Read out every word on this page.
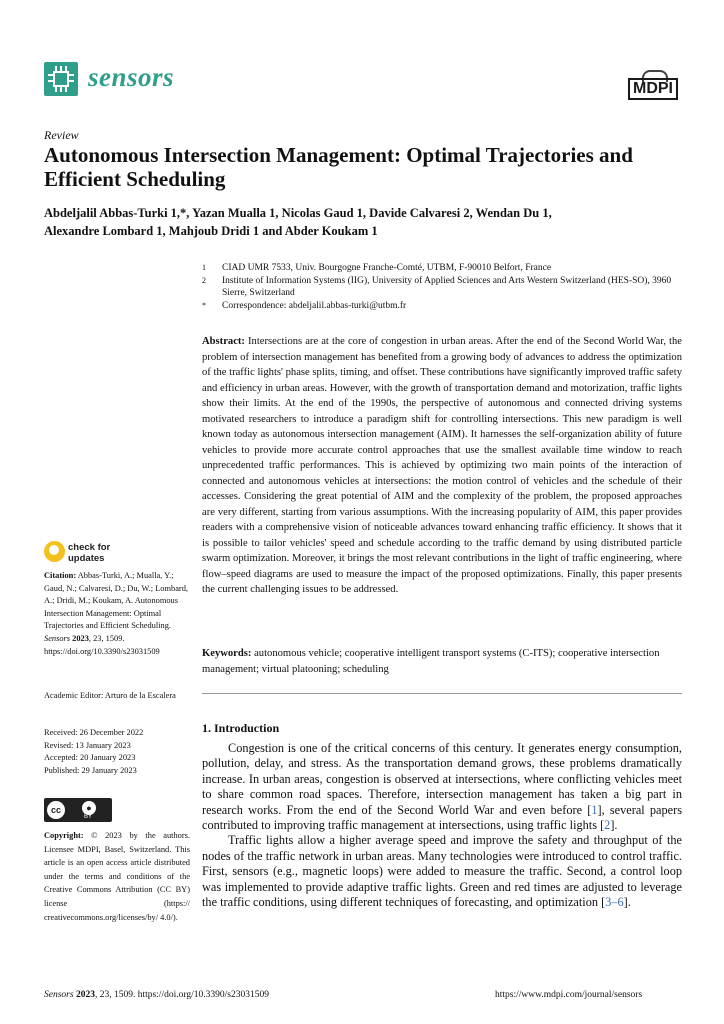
sensors	MDPI
Review
Autonomous Intersection Management: Optimal Trajectories and Efficient Scheduling
Abdeljalil Abbas-Turki 1,*, Yazan Mualla 1, Nicolas Gaud 1, Davide Calvaresi 2, Wendan Du 1,
Alexandre Lombard 1, Mahjoub Dridi 1 and Abder Koukam 1
1	CIAD UMR 7533, Univ. Bourgogne Franche-Comté, UTBM, F-90010 Belfort, France
2	Institute of Information Systems (IIG), University of Applied Sciences and Arts Western Switzerland (HES-SO), 3960 Sierre, Switzerland
*	Correspondence: abdeljalil.abbas-turki@utbm.fr
Abstract: Intersections are at the core of congestion in urban areas. After the end of the Second World War, the problem of intersection management has benefited from a growing body of advances to address the optimization of the traffic lights' phase splits, timing, and offset. These contributions have significantly improved traffic safety and efficiency in urban areas. However, with the growth of transportation demand and motorization, traffic lights show their limits. At the end of the 1990s, the perspective of autonomous and connected driving systems motivated researchers to introduce a paradigm shift for controlling intersections. This new paradigm is well known today as autonomous intersection management (AIM). It harnesses the self-organization ability of future vehicles to provide more accurate control approaches that use the smallest available time window to reach unprecedented traffic performances. This is achieved by optimizing two main points of the interaction of connected and autonomous vehicles at intersections: the motion control of vehicles and the schedule of their accesses. Considering the great potential of AIM and the complexity of the problem, the proposed approaches are very different, starting from various assumptions. With the increasing popularity of AIM, this paper provides readers with a comprehensive vision of noticeable advances toward enhancing traffic efficiency. It shows that it is possible to tailor vehicles' speed and schedule according to the traffic demand by using distributed particle swarm optimization. Moreover, it brings the most relevant contributions in the light of traffic engineering, where flow–speed diagrams are used to measure the impact of the proposed optimizations. Finally, this paper presents the current challenging issues to be addressed.
Keywords: autonomous vehicle; cooperative intelligent transport systems (C-ITS); cooperative intersection management; virtual platooning; scheduling
1. Introduction

Congestion is one of the critical concerns of this century. It generates energy consumption, pollution, delay, and stress. As the transportation demand grows, these problems dramatically increase. In urban areas, congestion is observed at intersections, where conflicting vehicles meet to share common road spaces. Therefore, intersection management has taken a big part in research works. From the end of the Second World War and even before [1], several papers contributed to improving traffic management at intersections, using traffic lights [2].

Traffic lights allow a higher average speed and improve the safety and throughput of the nodes of the traffic network in urban areas. Many technologies were introduced to control traffic. First, sensors (e.g., magnetic loops) were added to measure the traffic. Second, a control loop was implemented to provide adaptive traffic lights. Green and red times are adjusted to leverage the traffic conditions, using different techniques of forecasting, and optimization [3–6].

check for
updates
Citation: Abbas-Turki, A.; Mualla, Y.; Gaud, N.; Calvaresi, D.; Du, W.; Lombard, A.; Dridi, M.; Koukam, A. Autonomous Intersection Management: Optimal Trajectories and Efficient Scheduling. Sensors 2023, 23, 1509. https://doi.org/10.3390/s23031509
Academic Editor: Arturo de la Escalera
Received: 26 December 2022
Revised: 13 January 2023
Accepted: 20 January 2023
Published: 29 January 2023
cc	●
BY
Copyright: © 2023 by the authors. Licensee MDPI, Basel, Switzerland. This article is an open access article distributed under the terms and conditions of the Creative Commons Attribution (CC BY) license (https:// creativecommons.org/licenses/by/ 4.0/).
Sensors 2023, 23, 1509. https://doi.org/10.3390/s23031509	https://www.mdpi.com/journal/sensors
